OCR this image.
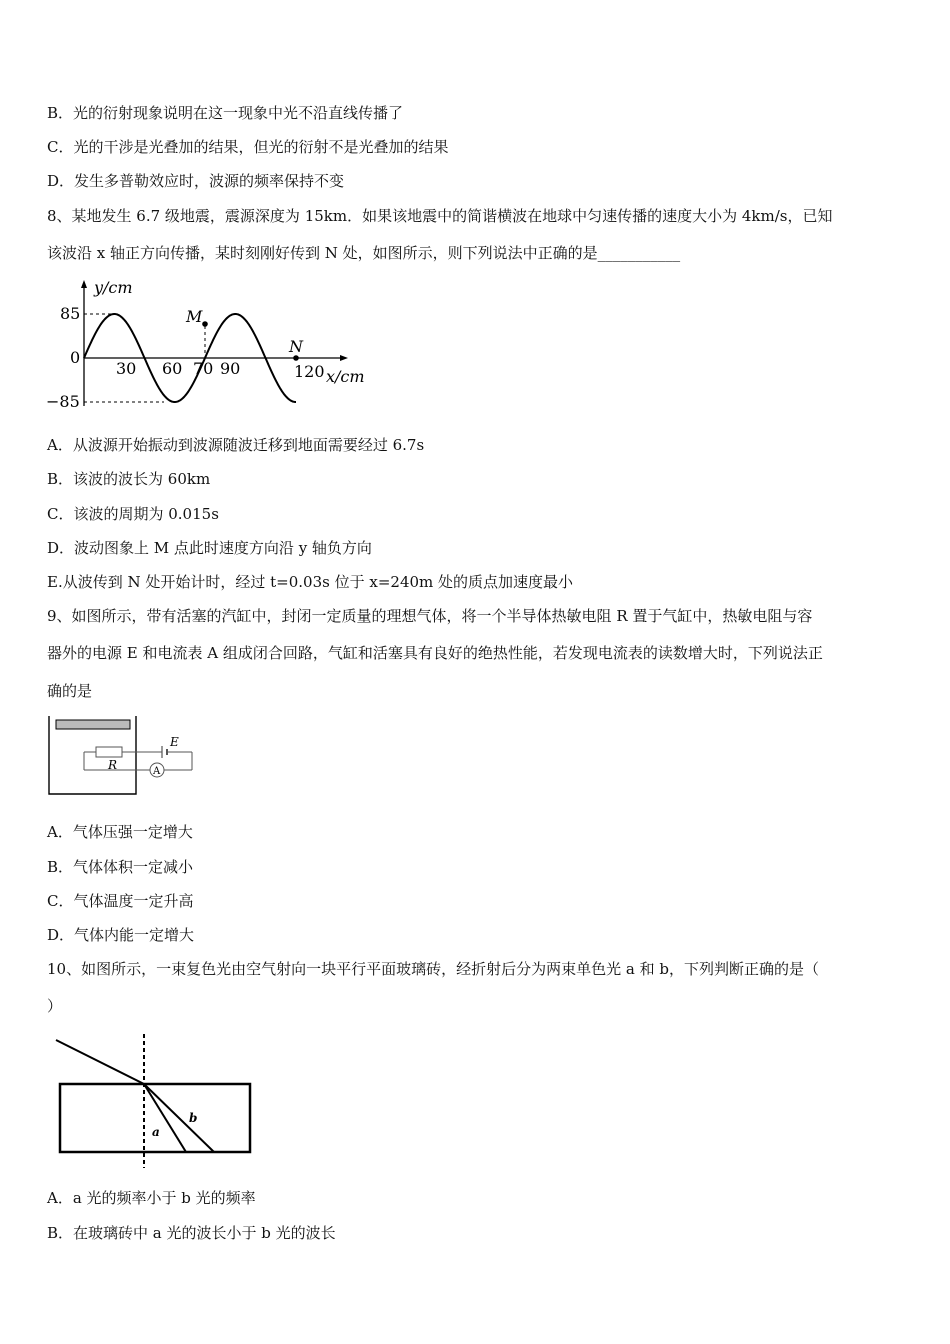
B．光的衍射现象说明在这一现象中光不沿直线传播了
C．光的干涉是光叠加的结果，但光的衍射不是光叠加的结果
D．发生多普勒效应时，波源的频率保持不变
8、某地发生 6.7 级地震，震源深度为 15km．如果该地震中的简谐横波在地球中匀速传播的速度大小为 4km/s，已知
该波沿 x 轴正方向传播，某时刻刚好传到 N 处，如图所示，则下列说法中正确的是___________
y/cm
x/cm
85
0
−85
30 60 70 90	120
M
N
A．从波源开始振动到波源随波迁移到地面需要经过 6.7s
B．该波的波长为 60km
C．该波的周期为 0.015s
D．波动图象上 M 点此时速度方向沿 y 轴负方向
E.从波传到 N 处开始计时，经过 t=0.03s 位于 x=240m 处的质点加速度最小
9、如图所示，带有活塞的汽缸中，封闭一定质量的理想气体，将一个半导体热敏电阻 R 置于气缸中，热敏电阻与容
器外的电源 E 和电流表 A 组成闭合回路，气缸和活塞具有良好的绝热性能，若发现电流表的读数增大时，下列说法正
确的是
A
R
E
A．气体压强一定增大
B．气体体积一定减小
C．气体温度一定升高
D．气体内能一定增大
10、如图所示，一束复色光由空气射向一块平行平面玻璃砖，经折射后分为两束单色光 a 和 b，下列判断正确的是（
）
a
b
A．a 光的频率小于 b 光的频率
B．在玻璃砖中 a 光的波长小于 b 光的波长
